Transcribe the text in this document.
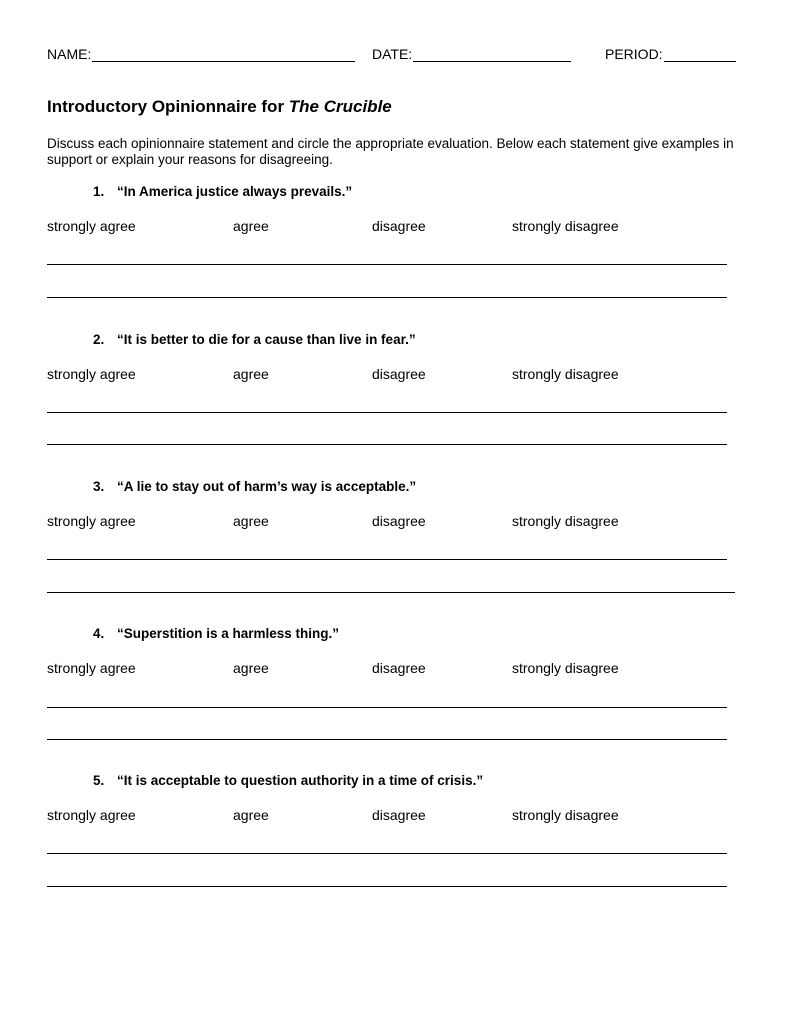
NAME:	DATE:	PERIOD:
Introductory Opinionnaire for The Crucible
Discuss each opinionnaire statement and circle the appropriate evaluation. Below each statement give examples in support or explain your reasons for disagreeing.
1. “In America justice always prevails.”
strongly agree	agree	disagree	strongly disagree
2. “It is better to die for a cause than live in fear.”
strongly agree	agree	disagree	strongly disagree
3. “A lie to stay out of harm’s way is acceptable.”
strongly agree	agree	disagree	strongly disagree
4. “Superstition is a harmless thing.”
strongly agree	agree	disagree	strongly disagree
5. “It is acceptable to question authority in a time of crisis.”
strongly agree	agree	disagree	strongly disagree
